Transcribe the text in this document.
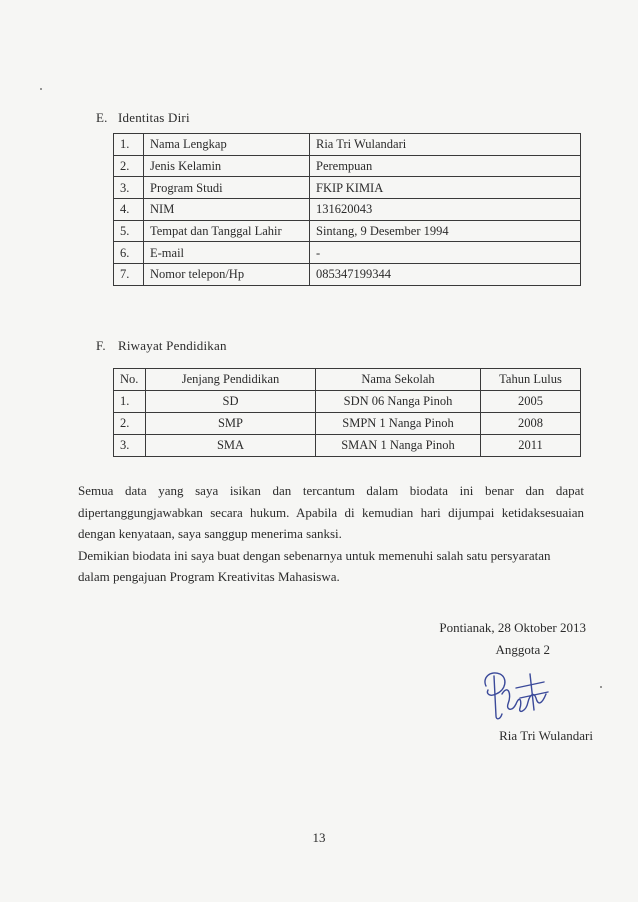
E. Identitas Diri
1.	Nama Lengkap	Ria Tri Wulandari
2.	Jenis Kelamin	Perempuan
3.	Program Studi	FKIP KIMIA
4.	NIM	131620043
5.	Tempat dan Tanggal Lahir	Sintang, 9 Desember 1994
6.	E-mail	-
7.	Nomor telepon/Hp	085347199344
F. Riwayat Pendidikan
No.	Jenjang Pendidikan	Nama Sekolah	Tahun Lulus
1.	SD	SDN 06 Nanga Pinoh	2005
2.	SMP	SMPN 1 Nanga Pinoh	2008
3.	SMA	SMAN 1 Nanga Pinoh	2011
Semua data yang saya isikan dan tercantum dalam biodata ini benar dan dapat
dipertanggungjawabkan secara hukum. Apabila di kemudian hari dijumpai ketidaksesuaian
dengan kenyataan, saya sanggup menerima sanksi.
Demikian biodata ini saya buat dengan sebenarnya untuk memenuhi salah satu persyaratan
dalam pengajuan Program Kreativitas Mahasiswa.
Pontianak, 28 Oktober 2013
Anggota 2
Ria Tri Wulandari
13
